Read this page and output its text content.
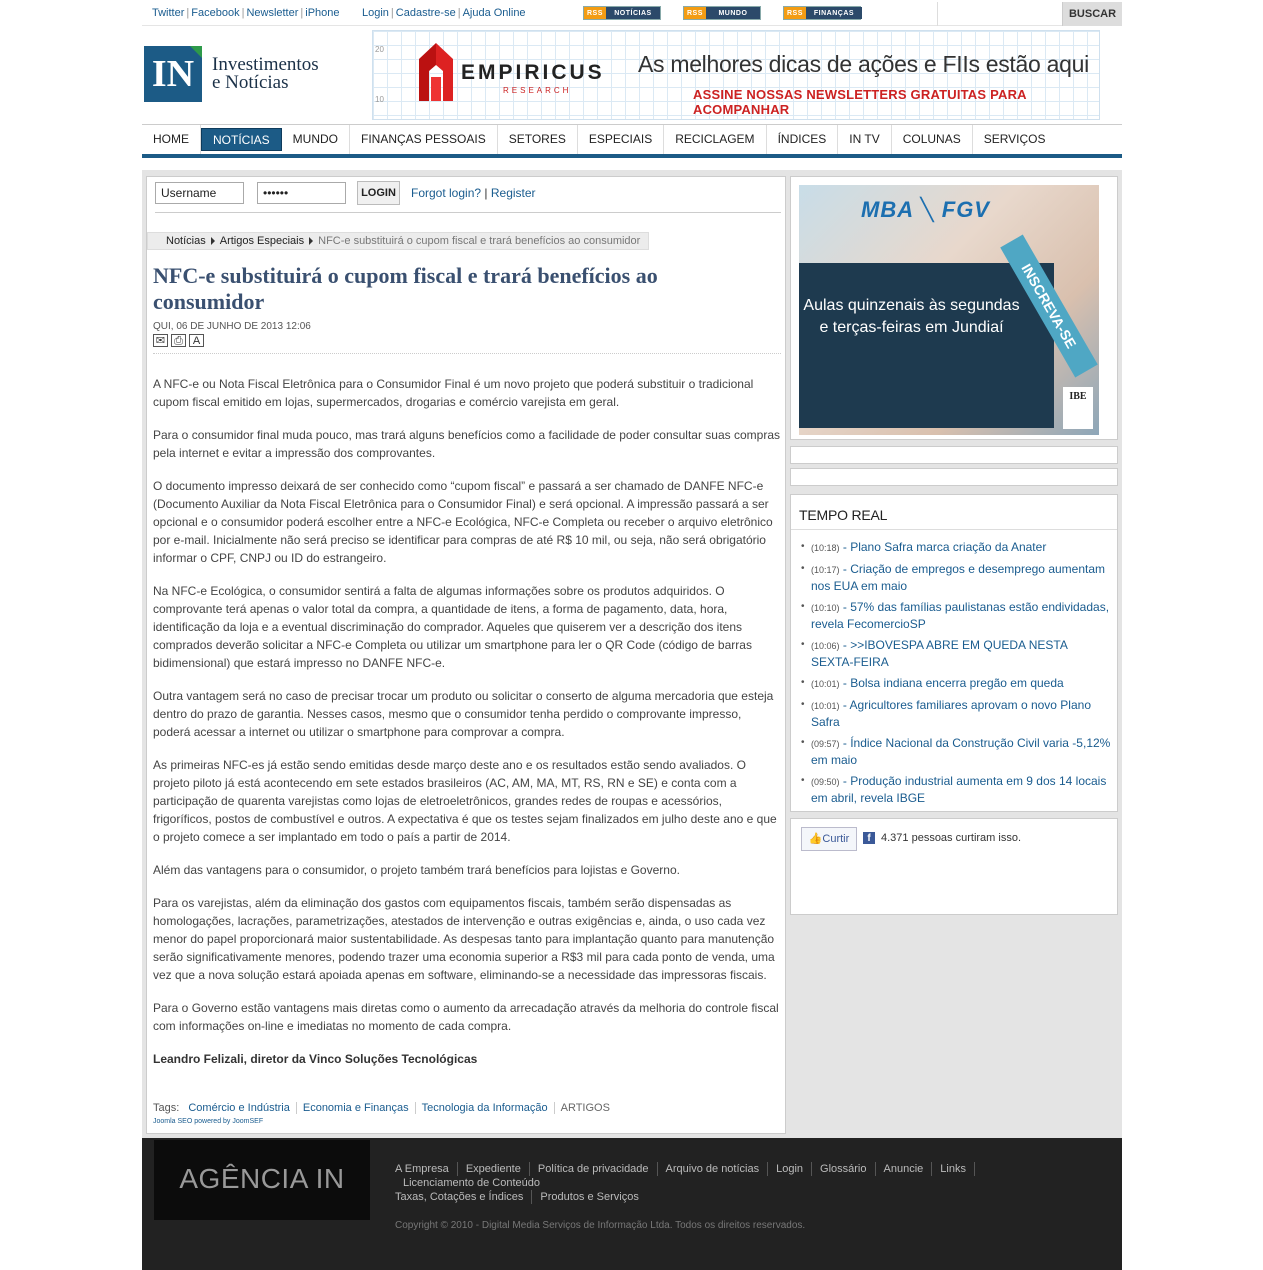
Twitter | Facebook | Newsletter | iPhone Login | Cadastre-se | Ajuda Online	RSS	NOTÍCIAS	RSS	MUNDO	RSS	FINANÇAS	BUSCAR
IN Investimentos
e Notícias
20
10
EMPIRICUS
RESEARCH
As melhores dicas de ações e FIIs estão aqui
ASSINE NOSSAS NEWSLETTERS GRATUITAS PARA ACOMPANHAR
HOME	NOTÍCIAS	MUNDO	FINANÇAS PESSOAIS	SETORES	ESPECIAIS	RECICLAGEM	ÍNDICES	IN TV	COLUNAS	SERVIÇOS
Username
••••••
LOGIN	Forgot login? | Register
Notícias Artigos Especiais NFC-e substituirá o cupom fiscal e trará benefícios ao consumidor
NFC-e substituirá o cupom fiscal e trará benefícios ao consumidor
QUI, 06 DE JUNHO DE 2013 12:06
✉ ⎙ A

A NFC-e ou Nota Fiscal Eletrônica para o Consumidor Final é um novo projeto que poderá substituir o tradicional cupom fiscal emitido em lojas, supermercados, drogarias e comércio varejista em geral.

Para o consumidor final muda pouco, mas trará alguns benefícios como a facilidade de poder consultar suas compras pela internet e evitar a impressão dos comprovantes.

O documento impresso deixará de ser conhecido como “cupom fiscal” e passará a ser chamado de DANFE NFC-e (Documento Auxiliar da Nota Fiscal Eletrônica para o Consumidor Final) e será opcional. A impressão passará a ser opcional e o consumidor poderá escolher entre a NFC-e Ecológica, NFC-e Completa ou receber o arquivo eletrônico por e-mail. Inicialmente não será preciso se identificar para compras de até R$ 10 mil, ou seja, não será obrigatório informar o CPF, CNPJ ou ID do estrangeiro.

Na NFC-e Ecológica, o consumidor sentirá a falta de algumas informações sobre os produtos adquiridos. O comprovante terá apenas o valor total da compra, a quantidade de itens, a forma de pagamento, data, hora, identificação da loja e a eventual discriminação do comprador. Aqueles que quiserem ver a descrição dos itens comprados deverão solicitar a NFC-e Completa ou utilizar um smartphone para ler o QR Code (código de barras bidimensional) que estará impresso no DANFE NFC-e.

Outra vantagem será no caso de precisar trocar um produto ou solicitar o conserto de alguma mercadoria que esteja dentro do prazo de garantia. Nesses casos, mesmo que o consumidor tenha perdido o comprovante impresso, poderá acessar a internet ou utilizar o smartphone para comprovar a compra.

As primeiras NFC-es já estão sendo emitidas desde março deste ano e os resultados estão sendo avaliados. O projeto piloto já está acontecendo em sete estados brasileiros (AC, AM, MA, MT, RS, RN e SE) e conta com a participação de quarenta varejistas como lojas de eletroeletrônicos, grandes redes de roupas e acessórios, frigoríficos, postos de combustível e outros. A expectativa é que os testes sejam finalizados em julho deste ano e que o projeto comece a ser implantado em todo o país a partir de 2014.

Além das vantagens para o consumidor, o projeto também trará benefícios para lojistas e Governo.

Para os varejistas, além da eliminação dos gastos com equipamentos fiscais, também serão dispensadas as homologações, lacrações, parametrizações, atestados de intervenção e outras exigências e, ainda, o uso cada vez menor do papel proporcionará maior sustentabilidade. As despesas tanto para implantação quanto para manutenção serão significativamente menores, podendo trazer uma economia superior a R$3 mil para cada ponto de venda, uma vez que a nova solução estará apoiada apenas em software, eliminando-se a necessidade das impressoras fiscais.

Para o Governo estão vantagens mais diretas como o aumento da arrecadação através da melhoria do controle fiscal com informações on-line e imediatas no momento de cada compra.

Leandro Felizali, diretor da Vinco Soluções Tecnológicas

Tags: Comércio e Indústria Economia e Finanças Tecnologia da Informação ARTIGOS
Joomla SEO powered by JoomSEF
MBA ╲ FGV
Aulas quinzenais às segundas e terças-feiras em Jundiaí	INSCREVA-SE
IBE
TEMPO REAL
• (10:18) - Plano Safra marca criação da Anater
• (10:17) - Criação de empregos e desemprego aumentam nos EUA em maio
• (10:10) - 57% das famílias paulistanas estão endividadas, revela FecomercioSP
• (10:06) - >>IBOVESPA ABRE EM QUEDA NESTA SEXTA-FEIRA
• (10:01) - Bolsa indiana encerra pregão em queda
• (10:01) - Agricultores familiares aprovam o novo Plano Safra
• (09:57) - Índice Nacional da Construção Civil varia -5,12% em maio
• (09:50) - Produção industrial aumenta em 9 dos 14 locais em abril, revela IBGE
👍Curtir	f 4.371 pessoas curtiram isso.
AGÊNCIA IN	A Empresa Expediente Política de privacidade Arquivo de notícias Login Glossário Anuncie LinksLicenciamento de Conteúdo
Taxas, Cotações e Índices Produtos e Serviços
Copyright © 2010 - Digital Media Serviços de Informação Ltda. Todos os direitos reservados.
